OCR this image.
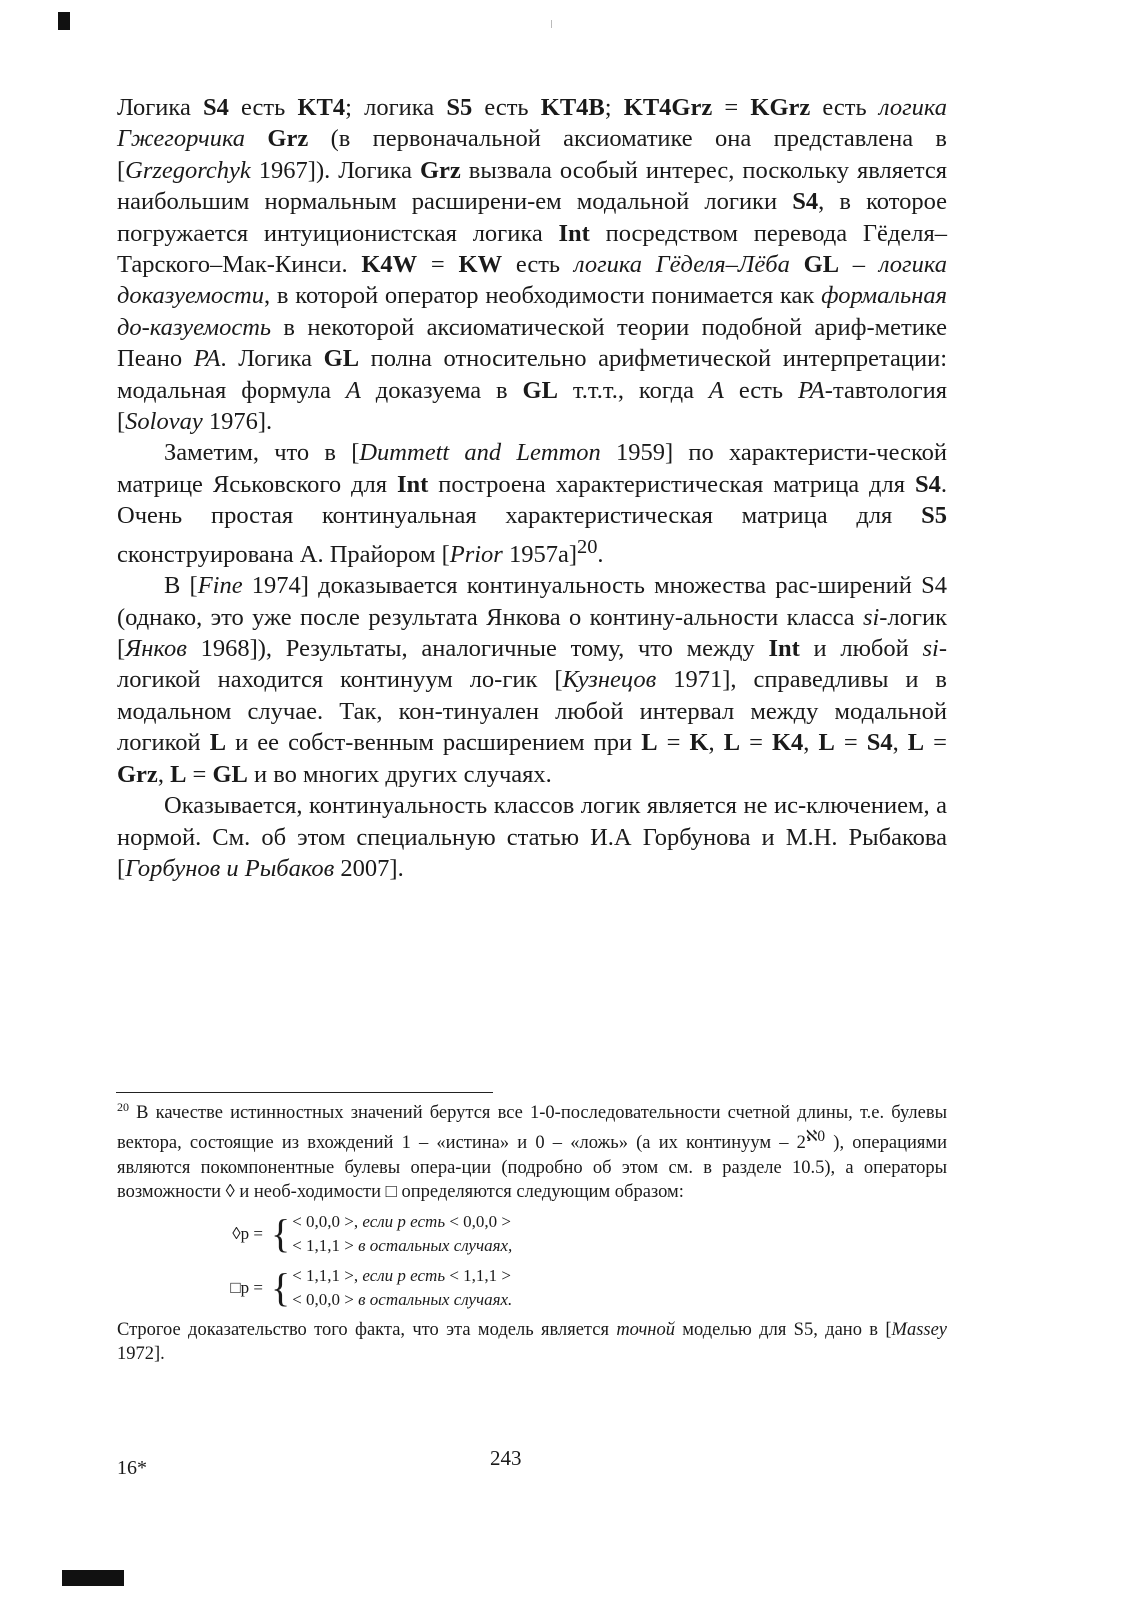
Логика S4 есть KT4; логика S5 есть KT4B; KT4Grz = KGrz есть логика Гжегорчика Grz (в первоначальной аксиоматике она представлена в [Grzegorchyk 1967]). Логика Grz вызвала особый интерес, поскольку является наибольшим нормальным расширени-ем модальной логики S4, в которое погружается интуиционистская логика Int посредством перевода Гёделя–Тарского–Мак-Кинси. K4W = KW есть логика Гёделя–Лёба GL – логика доказуемости, в которой оператор необходимости понимается как формальная до-казуемость в некоторой аксиоматической теории подобной ариф-метике Пеано PA. Логика GL полна относительно арифметической интерпретации: модальная формула A доказуема в GL т.т.т., когда A есть PA-тавтология [Solovay 1976].

Заметим, что в [Dummett and Lemmon 1959] по характеристи-ческой матрице Яськовского для Int построена характеристическая матрица для S4. Очень простая континуальная характеристическая матрица для S5 сконструирована А. Прайором [Prior 1957a]$^{20}$.

В [Fine 1974] доказывается континуальность множества рас-ширений S4 (однако, это уже после результата Янкова о контину-альности класса si-логик [Янков 1968]), Результаты, аналогичные тому, что между Int и любой si-логикой находится континуум ло-гик [Кузнецов 1971], справедливы и в модальном случае. Так, кон-тинуален любой интервал между модальной логикой L и ее собст-венным расширением при L = K, L = K4, L = S4, L = Grz, L = GL и во многих других случаях.

Оказывается, континуальность классов логик является не ис-ключением, а нормой. См. об этом специальную статью И.А Горбунова и М.Н. Рыбакова [Горбунов и Рыбаков 2007].

$^{20}$ В качестве истинностных значений берутся все 1-0-последовательности счетной длины, т.е. булевы вектора, состоящие из вхождений 1 – «истина» и 0 – «ложь» (а их континуум – $2^{ℵ0}$ ), операциями являются покомпонентные булевы опера-ции (подробно об этом см. в разделе 10.5), а операторы возможности ◊ и необ-ходимости □ определяются следующим образом:

◊p = { < 0,0,0 >, если p есть < 0,0,0 >
< 1,1,1 > в остальных случаях,
□p = { < 1,1,1 >, если p есть < 1,1,1 >
< 0,0,0 > в остальных случаях.

Строгое доказательство того факта, что эта модель является точной моделью для S5, дано в [Massey 1972].

243
16*
